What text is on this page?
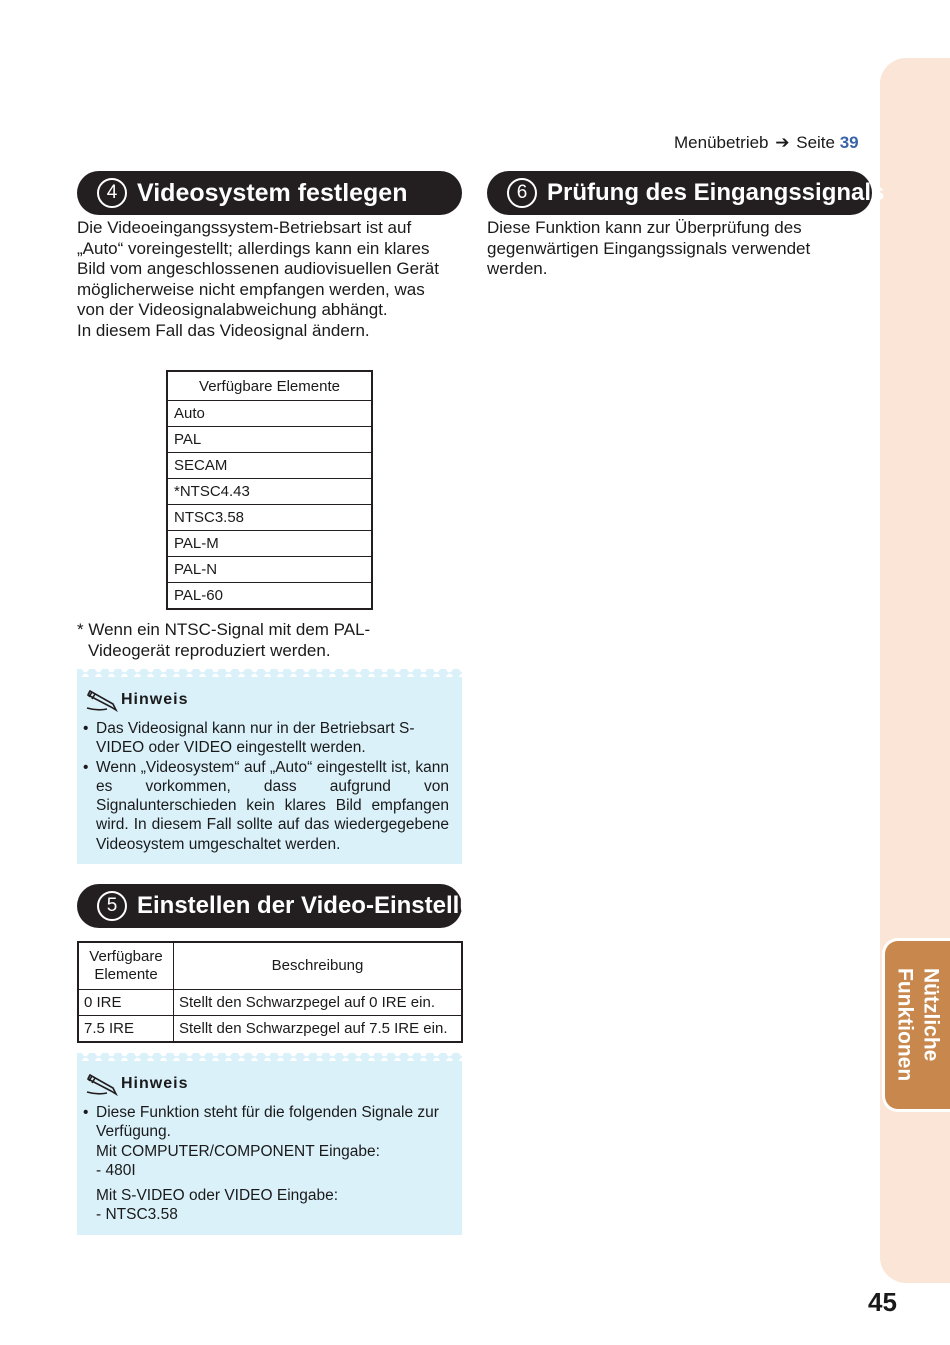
Nützliche
Funktionen
Menübetrieb ➔ Seite 39
4 Videosystem festlegen
Die Videoeingangssystem-Betriebsart ist auf „Auto“ voreingestellt; allerdings kann ein klares Bild vom angeschlossenen audiovisuellen Gerät möglicherweise nicht empfangen werden, was von der Videosignalabweichung abhängt.
In diesem Fall das Videosignal ändern.
Verfügbare Elemente
Auto
PAL
SECAM
*NTSC4.43
NTSC3.58
PAL-M
PAL-N
PAL-60
* Wenn ein NTSC-Signal mit dem PAL-Videogerät reproduziert werden.
Hinweis
• Das Videosignal kann nur in der Betriebsart S-VIDEO oder VIDEO eingestellt werden.
• Wenn „Videosystem“ auf „Auto“ eingestellt ist, kann es vorkommen, dass aufgrund von Signalunterschieden kein klares Bild empfangen wird. In diesem Fall sollte auf das wiedergegebene Videosystem umgeschaltet werden.
5 Einstellen der Video-Einstellung
Verfügbare Elemente	Beschreibung
0 IRE	Stellt den Schwarzpegel auf 0 IRE ein.
7.5 IRE	Stellt den Schwarzpegel auf 7.5 IRE ein.
Hinweis
• Diese Funktion steht für die folgenden Signale zur Verfügung.
Mit COMPUTER/COMPONENT Eingabe:
- 480I
Mit S-VIDEO oder VIDEO Eingabe:
- NTSC3.58
6 Prüfung des Eingangssignals
Diese Funktion kann zur Überprüfung des gegenwärtigen Eingangssignals verwendet werden.
45
